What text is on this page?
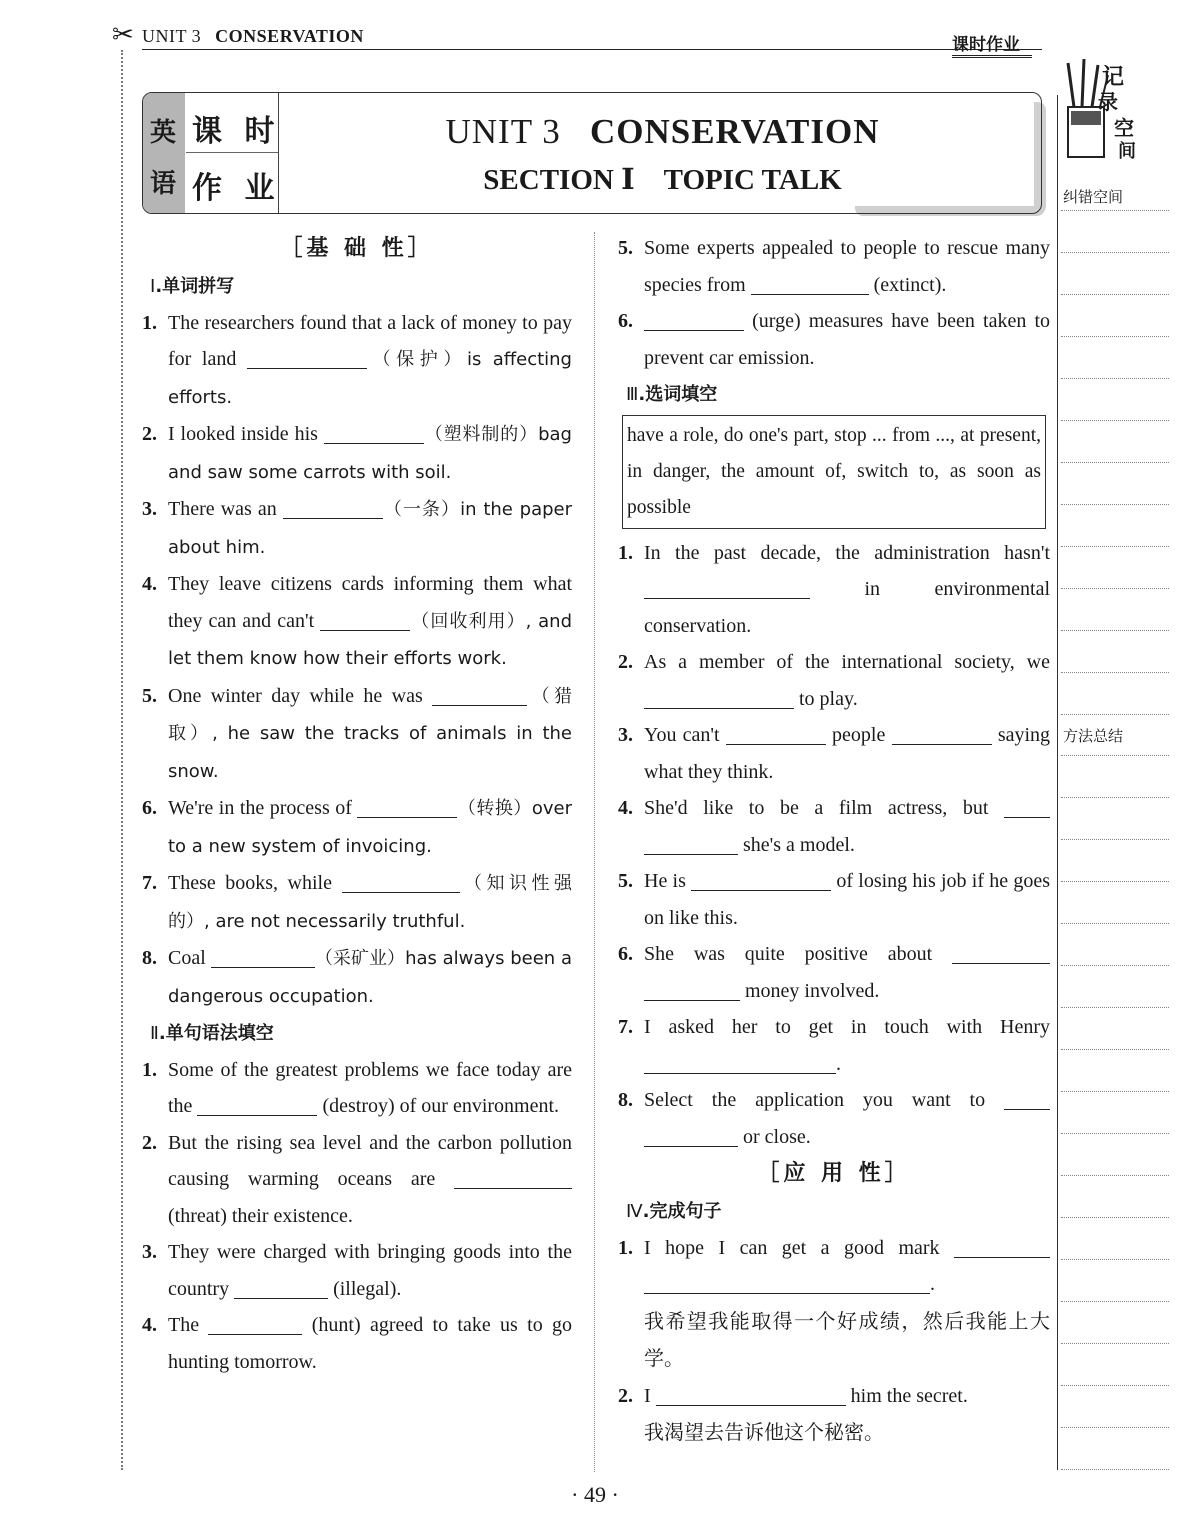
✂ UNIT 3 CONSERVATION	课时作业
英
语
课 时
作 业
UNIT 3 CONSERVATION
SECTION Ⅰ TOPIC TALK
记
录
空
间
纠错空间
方法总结
［基 础 性］
Ⅰ.单词拼写
1. The researchers found that a lack of money to pay for land	（保护）is affecting efforts.
2. I looked inside his	（塑料制的）bag and saw some carrots with soil.
3. There was an	（一条）in the paper about him.
4. They leave citizens cards informing them what they can and can't	（回收利用）, and let them know how their efforts work.
5. One winter day while he was	（猎取）, he saw the tracks of animals in the snow.
6. We're in the process of	（转换）over to a new system of invoicing.
7. These books, while	（知识性强的）, are not necessarily truthful.
8. Coal	（采矿业）has always been a dangerous occupation.
Ⅱ.单句语法填空
1. Some of the greatest problems we face today are the	(destroy) of our environment.
2. But the rising sea level and the carbon pollution causing warming oceans are  (threat) their existence.
3. They were charged with bringing goods into the country	(illegal).
4. The	(hunt) agreed to take us to go hunting tomorrow.
5. Some experts appealed to people to rescue many species from	(extinct).
6.	(urge) measures have been taken to prevent car emission.
Ⅲ.选词填空
have a role, do one's part, stop ... from ..., at present, in danger, the amount of, switch to, as soon as possible
1. In the past decade, the administration hasn't  in environmental conservation.
2. As a member of the international society, we  to play.
3. You can't	people	saying what they think.
4. She'd like to be a film actress, but   she's a model.
5. He is	of losing his job if he goes on like this.
6. She was quite positive about   money involved.
7. I asked her to get in touch with Henry .
8. Select the application you want to   or close.
［应 用 性］
Ⅳ.完成句子
1. I hope I can get a good mark  .
我希望我能取得一个好成绩，然后我能上大学。
2. I	him the secret.
我渴望去告诉他这个秘密。
· 49 ·
